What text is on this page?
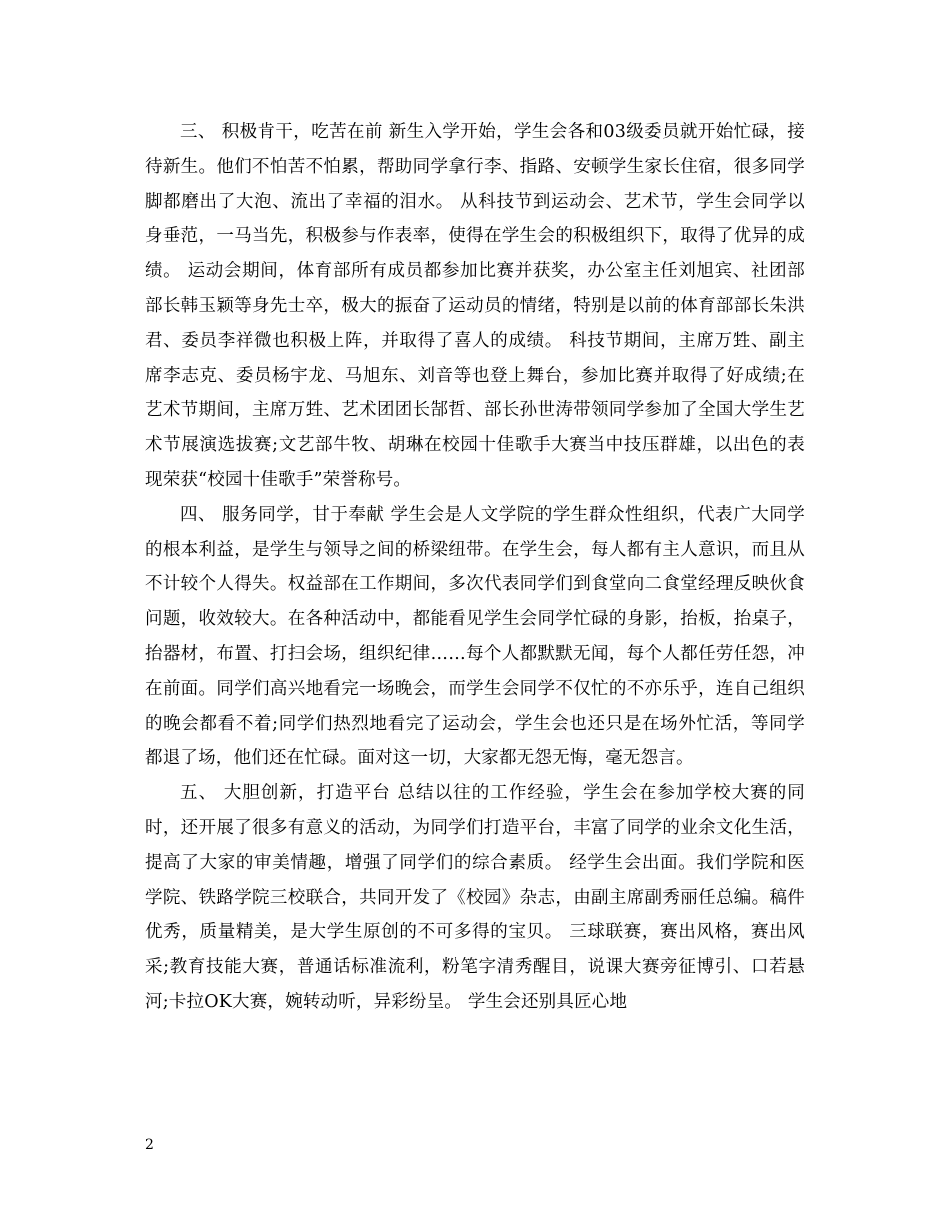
三、 积极肯干，吃苦在前 新生入学开始，学生会各和03级委员就开始忙碌，接待新生。他们不怕苦不怕累，帮助同学拿行李、指路、安顿学生家长住宿，很多同学脚都磨出了大泡、流出了幸福的泪水。 从科技节到运动会、艺术节，学生会同学以身垂范，一马当先，积极参与作表率，使得在学生会的积极组织下，取得了优异的成绩。 运动会期间，体育部所有成员都参加比赛并获奖，办公室主任刘旭宾、社团部部长韩玉颖等身先士卒，极大的振奋了运动员的情绪，特别是以前的体育部部长朱洪君、委员李祥微也积极上阵，并取得了喜人的成绩。 科技节期间，主席万甡、副主席李志克、委员杨宇龙、马旭东、刘音等也登上舞台，参加比赛并取得了好成绩;在艺术节期间，主席万甡、艺术团团长郜哲、部长孙世涛带领同学参加了全国大学生艺术节展演选拔赛;文艺部牛牧、胡琳在校园十佳歌手大赛当中技压群雄，以出色的表现荣获“校园十佳歌手”荣誉称号。

四、 服务同学，甘于奉献 学生会是人文学院的学生群众性组织，代表广大同学的根本利益，是学生与领导之间的桥梁纽带。在学生会，每人都有主人意识，而且从不计较个人得失。权益部在工作期间，多次代表同学们到食堂向二食堂经理反映伙食问题，收效较大。在各种活动中，都能看见学生会同学忙碌的身影，抬板，抬桌子，抬器材，布置、打扫会场，组织纪律……每个人都默默无闻，每个人都任劳任怨，冲在前面。同学们高兴地看完一场晚会，而学生会同学不仅忙的不亦乐乎，连自己组织的晚会都看不着;同学们热烈地看完了运动会，学生会也还只是在场外忙活，等同学都退了场，他们还在忙碌。面对这一切，大家都无怨无悔，毫无怨言。

五、 大胆创新，打造平台 总结以往的工作经验，学生会在参加学校大赛的同时，还开展了很多有意义的活动，为同学们打造平台，丰富了同学的业余文化生活，提高了大家的审美情趣，增强了同学们的综合素质。 经学生会出面。我们学院和医学院、铁路学院三校联合，共同开发了《校园》杂志，由副主席副秀丽任总编。稿件优秀，质量精美，是大学生原创的不可多得的宝贝。 三球联赛，赛出风格，赛出风采;教育技能大赛，普通话标准流利，粉笔字清秀醒目，说课大赛旁征博引、口若悬河;卡拉OK大赛，婉转动听，异彩纷呈。 学生会还别具匠心地

2
